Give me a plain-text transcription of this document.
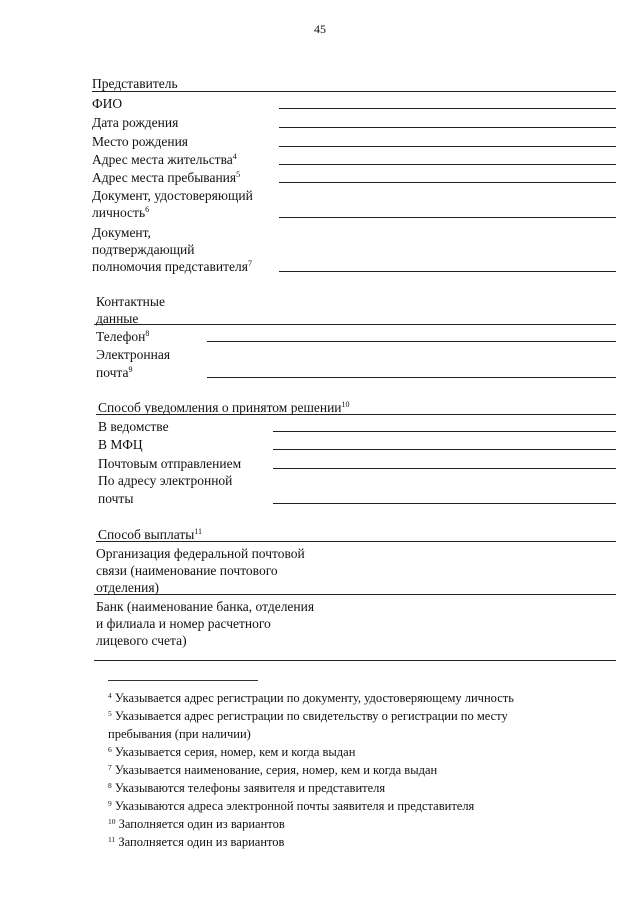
45
Представитель
ФИО
Дата рождения
Место рождения
Адрес места жительства$^4$
Адрес места пребывания$^5$
Документ, удостоверяющий
личность$^6$
Документ,
подтверждающий
полномочия представителя$^7$
Контактные
данные
Телефон$^8$
Электронная
почта$^9$
Способ уведомления о принятом решении$^{10}$
В ведомстве
В МФЦ
Почтовым отправлением
По адресу электронной
почты
Способ выплаты$^{11}$
Организация федеральной почтовой
связи (наименование почтового
отделения)
Банк (наименование банка, отделения
и филиала и номер расчетного
лицевого счета)
$^4$ Указывается адрес регистрации по документу, удостоверяющему личность
$^5$ Указывается адрес регистрации по свидетельству о регистрации по месту
пребывания (при наличии)
$^6$ Указывается серия, номер, кем и когда выдан
$^7$ Указывается наименование, серия, номер, кем и когда выдан
$^8$ Указываются телефоны заявителя и представителя
$^9$ Указываются адреса электронной почты заявителя и представителя
$^{10}$ Заполняется один из вариантов
$^{11}$ Заполняется один из вариантов
